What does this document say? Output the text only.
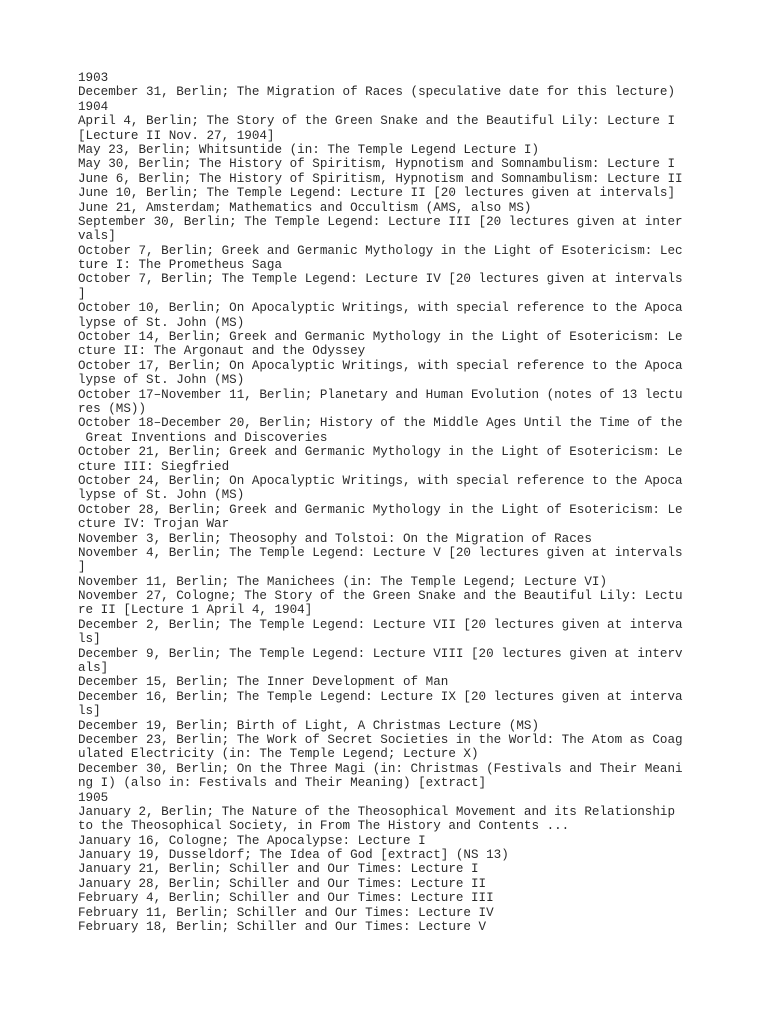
1903
December 31, Berlin; The Migration of Races (speculative date for this lecture)
1904
April 4, Berlin; The Story of the Green Snake and the Beautiful Lily: Lecture I
[Lecture II Nov. 27, 1904]
May 23, Berlin; Whitsuntide (in: The Temple Legend Lecture I)
May 30, Berlin; The History of Spiritism, Hypnotism and Somnambulism: Lecture I
June 6, Berlin; The History of Spiritism, Hypnotism and Somnambulism: Lecture II
June 10, Berlin; The Temple Legend: Lecture II [20 lectures given at intervals]
June 21, Amsterdam; Mathematics and Occultism (AMS, also MS)
September 30, Berlin; The Temple Legend: Lecture III [20 lectures given at inter
vals]
October 7, Berlin; Greek and Germanic Mythology in the Light of Esotericism: Lec
ture I: The Prometheus Saga
October 7, Berlin; The Temple Legend: Lecture IV [20 lectures given at intervals
]
October 10, Berlin; On Apocalyptic Writings, with special reference to the Apoca
lypse of St. John (MS)
October 14, Berlin; Greek and Germanic Mythology in the Light of Esotericism: Le
cture II: The Argonaut and the Odyssey
October 17, Berlin; On Apocalyptic Writings, with special reference to the Apoca
lypse of St. John (MS)
October 17–November 11, Berlin; Planetary and Human Evolution (notes of 13 lectu
res (MS))
October 18–December 20, Berlin; History of the Middle Ages Until the Time of the
Great Inventions and Discoveries
October 21, Berlin; Greek and Germanic Mythology in the Light of Esotericism: Le
cture III: Siegfried
October 24, Berlin; On Apocalyptic Writings, with special reference to the Apoca
lypse of St. John (MS)
October 28, Berlin; Greek and Germanic Mythology in the Light of Esotericism: Le
cture IV: Trojan War
November 3, Berlin; Theosophy and Tolstoi: On the Migration of Races
November 4, Berlin; The Temple Legend: Lecture V [20 lectures given at intervals
]
November 11, Berlin; The Manichees (in: The Temple Legend; Lecture VI)
November 27, Cologne; The Story of the Green Snake and the Beautiful Lily: Lectu
re II [Lecture 1 April 4, 1904]
December 2, Berlin; The Temple Legend: Lecture VII [20 lectures given at interva
ls]
December 9, Berlin; The Temple Legend: Lecture VIII [20 lectures given at interv
als]
December 15, Berlin; The Inner Development of Man
December 16, Berlin; The Temple Legend: Lecture IX [20 lectures given at interva
ls]
December 19, Berlin; Birth of Light, A Christmas Lecture (MS)
December 23, Berlin; The Work of Secret Societies in the World: The Atom as Coag
ulated Electricity (in: The Temple Legend; Lecture X)
December 30, Berlin; On the Three Magi (in: Christmas (Festivals and Their Meani
ng I) (also in: Festivals and Their Meaning) [extract]
1905
January 2, Berlin; The Nature of the Theosophical Movement and its Relationship
to the Theosophical Society, in From The History and Contents ...
January 16, Cologne; The Apocalypse: Lecture I
January 19, Dusseldorf; The Idea of God [extract] (NS 13)
January 21, Berlin; Schiller and Our Times: Lecture I
January 28, Berlin; Schiller and Our Times: Lecture II
February 4, Berlin; Schiller and Our Times: Lecture III
February 11, Berlin; Schiller and Our Times: Lecture IV
February 18, Berlin; Schiller and Our Times: Lecture V
